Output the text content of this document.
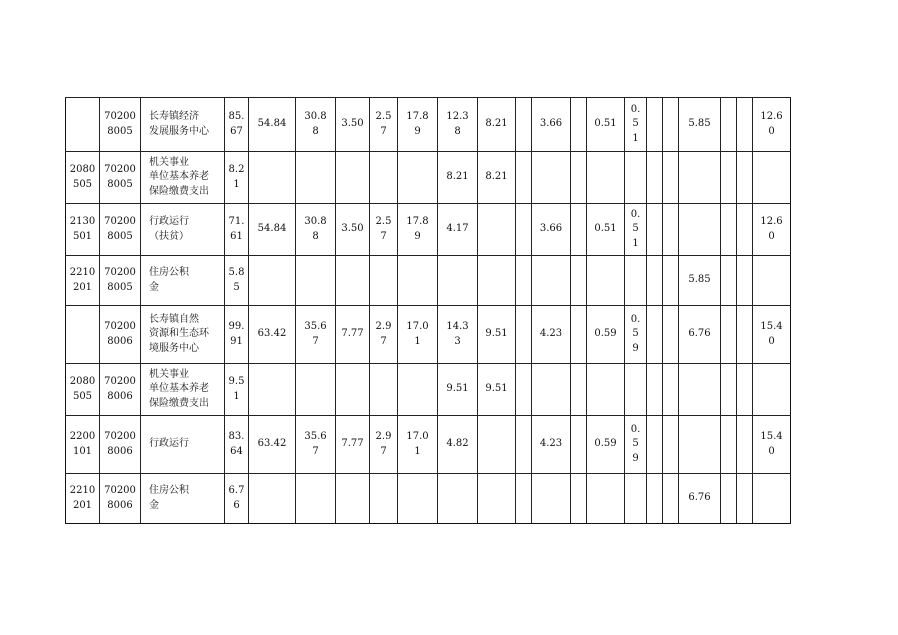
	70200
8005	长寿镇经济
发展服务中心	85.
67	54.84	30.8
8	3.50	2.57	17.8
9	12.3
8	8.21		3.66		0.51	0.5
1			5.85			12.6
0

2080
505	70200
8005	机关事业
单位基本养老
保险缴费支出	8.2
1						8.21	8.21											

2130
501	70200
8005	行政运行
（扶贫）	71.
61	54.84	30.8
8	3.50	2.57	17.8
9	4.17			3.66		0.51	0.5
1						12.6
0

2210
201	70200
8005	住房公积
金	5.8
5															5.85			

	70200
8006	长寿镇自然
资源和生态环
境服务中心	99.
91	63.42	35.6
7	7.77	2.97	17.0
1	14.3
3	9.51		4.23		0.59	0.5
9			6.76			15.4
0

2080
505	70200
8006	机关事业
单位基本养老
保险缴费支出	9.5
1						9.51	9.51											

2200
101	70200
8006	行政运行	83.
64	63.42	35.6
7	7.77	2.97	17.0
1	4.82			4.23		0.59	0.5
9						15.4
0

2210
201	70200
8006	住房公积
金	6.7
6															6.76			
